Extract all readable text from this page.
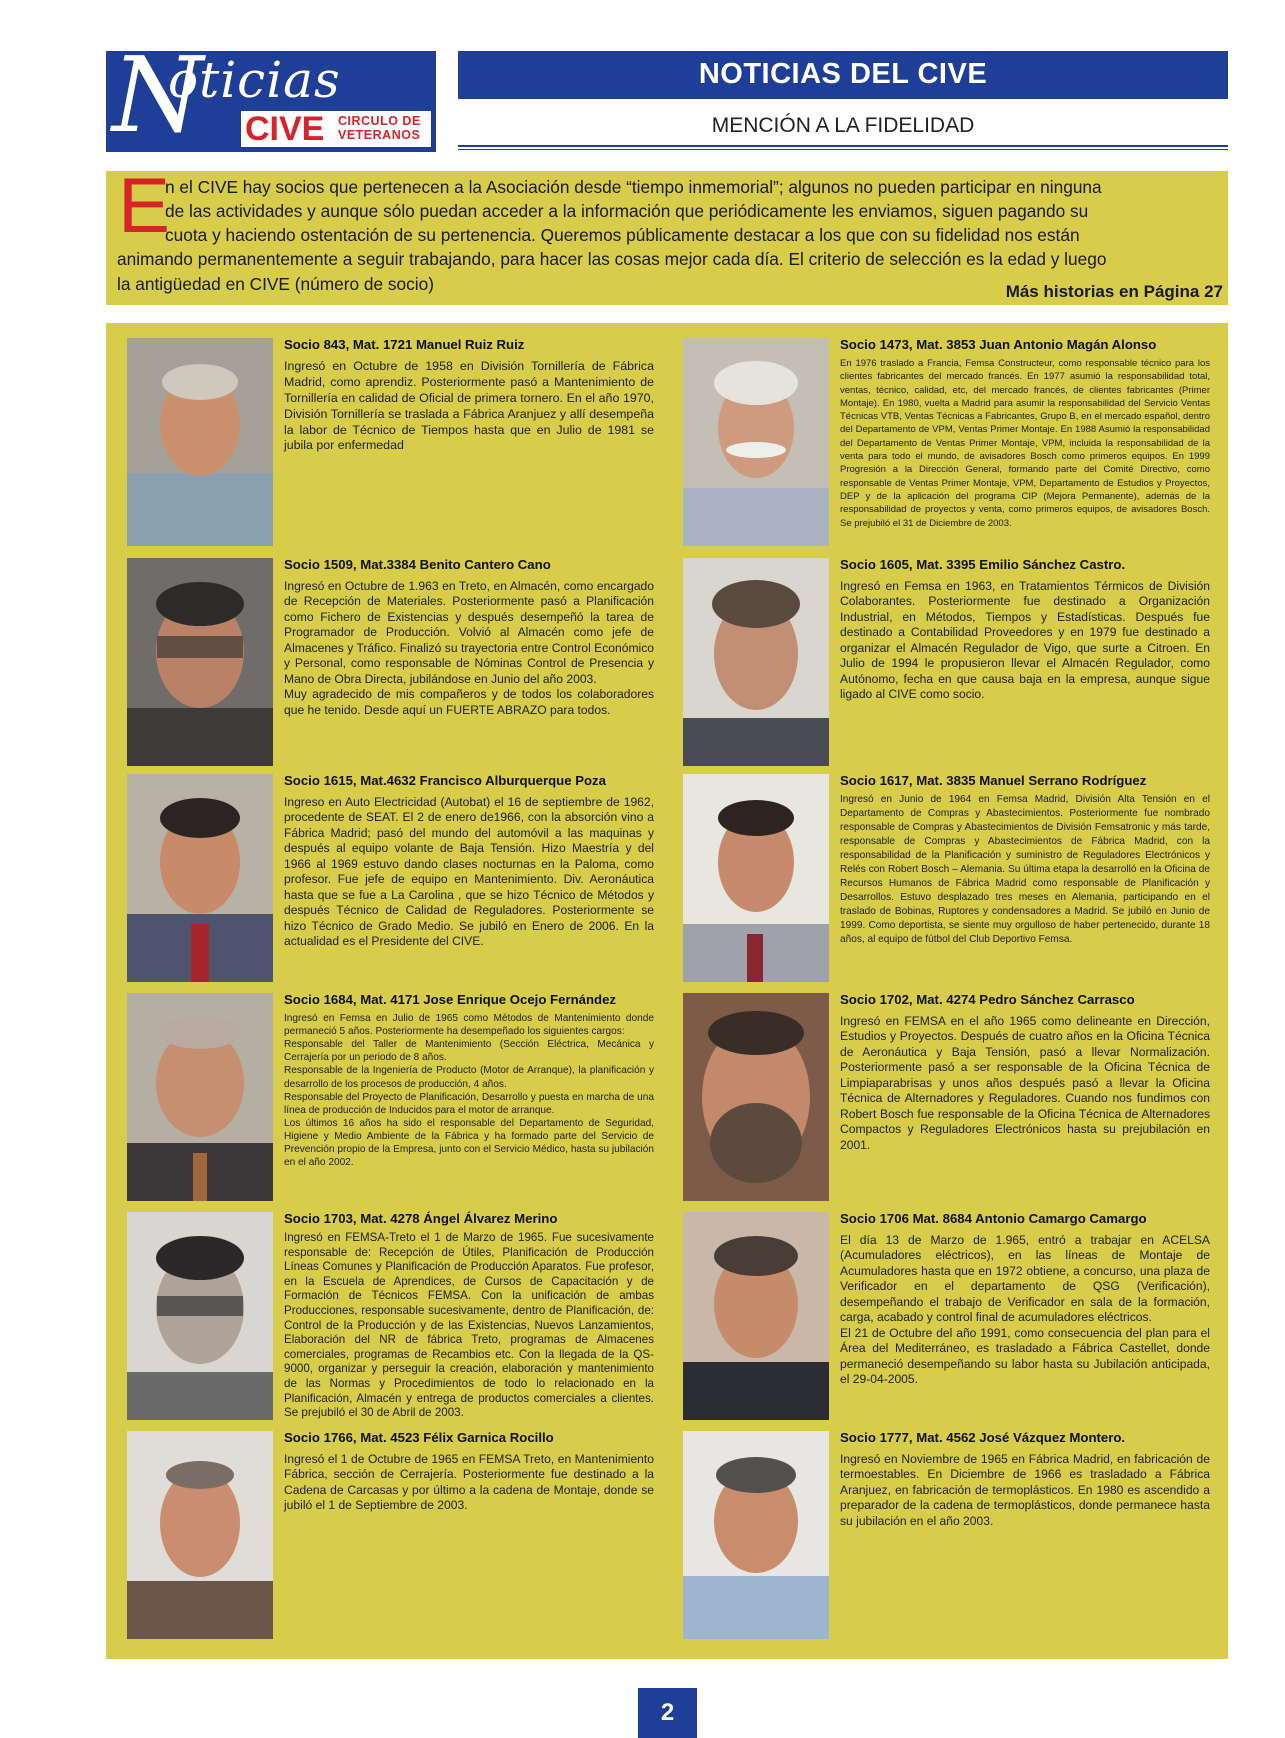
N
oticias
CIVE CIRCULO DE
VETERANOS
NOTICIAS DEL CIVE
MENCIÓN A LA FIDELIDAD
E
n el CIVE hay socios que pertenecen a la Asociación desde “tiempo inmemorial”; algunos no pueden participar en ninguna
de las actividades y aunque sólo puedan acceder a la información que periódicamente les enviamos, siguen pagando su
cuota y haciendo ostentación de su pertenencia. Queremos públicamente destacar a los que con su fidelidad nos están
animando permanentemente a seguir trabajando, para hacer las cosas mejor cada día. El criterio de selección es la edad y luego
la antigüedad en CIVE (número de socio)	Más historias en Página 27
Socio 843, Mat. 1721 Manuel Ruiz Ruiz

Ingresó en Octubre de 1958 en División Tornillería de Fábrica Madrid, como aprendiz. Posteriormente pasó a Mantenimiento de Tornillería en calidad de Oficial de primera tornero. En el año 1970, División Tornillería se traslada a Fábrica Aranjuez y allí desempeña la labor de Técnico de Tiempos hasta que en Julio de 1981 se jubila por enfermedad

Socio 1473, Mat. 3853 Juan Antonio Magán Alonso

En 1976 traslado a Francia, Femsa Constructeur, como responsable técnico para los clientes fabricantes del mercado francés. En 1977 asumió la responsabilidad total, ventas, técnico, calidad, etc, del mercado francés, de clientes fabricantes (Primer Montaje). En 1980, vuelta a Madrid para asumir la responsabilidad del Servicio Ventas Técnicas VTB, Ventas Técnicas a Fabricantes, Grupo B, en el mercado español, dentro del Departamento de VPM, Ventas Primer Montaje. En 1988 Asumió la responsabilidad del Departamento de Ventas Primer Montaje, VPM, incluida la responsabilidad de la venta para todo el mundo, de avisadores Bosch como primeros equipos. En 1999 Progresión a la Dirección General, formando parte del Comité Directivo, como responsable de Ventas Primer Montaje, VPM, Departamento de Estudios y Proyectos, DEP y de la aplicación del programa CIP (Mejora Permanente), además de la responsabilidad de proyectos y venta, como primeros equipos, de avisadores Bosch. Se prejubiló el 31 de Diciembre de 2003.

Socio 1509, Mat.3384 Benito Cantero Cano

Ingresó en Octubre de 1.963 en Treto, en Almacén, como encargado de Recepción de Materiales. Posteriormente pasó a Planificación como Fichero de Existencias y después desempeñó la tarea de Programador de Producción. Volvió al Almacén como jefe de Almacenes y Tráfico. Finalizó su trayectoria entre Control Económico y Personal, como responsable de Nóminas Control de Presencia y Mano de Obra Directa, jubilándose en Junio del año 2003.
Muy agradecido de mis compañeros y de todos los colaboradores que he tenido. Desde aquí un FUERTE ABRAZO para todos.

Socio 1605, Mat. 3395 Emilio Sánchez Castro.

Ingresó en Femsa en 1963, en Tratamientos Térmicos de División Colaborantes. Posteriormente fue destinado a Organización Industrial, en Métodos, Tiempos y Estadísticas. Después fue destinado a Contabilidad Proveedores y en 1979 fue destinado a organizar el Almacén Regulador de Vigo, que surte a Citroen. En Julio de 1994 le propusieron llevar el Almacén Regulador, como Autónomo, fecha en que causa baja en la empresa, aunque sigue ligado al CIVE como socio.

Socio 1615, Mat.4632 Francisco Alburquerque Poza

Ingreso en Auto Electricidad (Autobat) el 16 de septiembre de 1962, procedente de SEAT. El 2 de enero de1966, con la absorción vino a Fábrica Madrid; pasó del mundo del automóvil a las maquinas y después al equipo volante de Baja Tensión. Hizo Maestría y del 1966 al 1969 estuvo dando clases nocturnas en la Paloma, como profesor. Fue jefe de equipo en Mantenimiento. Div. Aeronáutica hasta que se fue a La Carolina , que se hizo Técnico de Métodos y después Técnico de Calidad de Reguladores. Posteriormente se hizo Técnico de Grado Medio. Se jubiló en Enero de 2006. En la actualidad es el Presidente del CIVE.

Socio 1617, Mat. 3835 Manuel Serrano Rodríguez

Ingresó en Junio de 1964 en Femsa Madrid, División Alta Tensión en el Departamento de Compras y Abastecimientos. Posteriormente fue nombrado responsable de Compras y Abastecimientos de División Femsatronic y más tarde, responsable de Compras y Abastecimientos de Fábrica Madrid, con la responsabilidad de la Planificación y suministro de Reguladores Electrónicos y Relés con Robert Bosch – Alemania. Su última etapa la desarrolló en la Oficina de Recursos Humanos de Fábrica Madrid como responsable de Planificación y Desarrollos. Estuvo desplazado tres meses en Alemania, participando en el traslado de Bobinas, Ruptores y condensadores a Madrid. Se jubiló en Junio de 1999. Como deportista, se siente muy orgulloso de haber pertenecido, durante 18 años, al equipo de fútbol del Club Deportivo Femsa.

Socio 1684, Mat. 4171 Jose Enrique Ocejo Fernández

Ingresó en Femsa en Julio de 1965 como Métodos de Mantenimiento donde permaneció 5 años. Posteriormente ha desempeñado los siguientes cargos:
Responsable del Taller de Mantenimiento (Sección Eléctrica, Mecánica y Cerrajería por un periodo de 8 años.
Responsable de la Ingeniería de Producto (Motor de Arranque), la planificación y desarrollo de los procesos de producción, 4 años.
Responsable del Proyecto de Planificación, Desarrollo y puesta en marcha de una línea de producción de Inducidos para el motor de arranque.
Los últimos 16 años ha sido el responsable del Departamento de Seguridad, Higiene y Medio Ambiente de la Fábrica y ha formado parte del Servicio de Prevención propio de la Empresa, junto con el Servicio Médico, hasta su jubilación en el año 2002.

Socio 1702, Mat. 4274 Pedro Sánchez Carrasco

Ingresó en FEMSA en el año 1965 como delineante en Dirección, Estudios y Proyectos. Después de cuatro años en la Oficina Técnica de Aeronáutica y Baja Tensión, pasó a llevar Normalización. Posteriormente pasó a ser responsable de la Oficina Técnica de Limpiaparabrisas y unos años después pasó a llevar la Oficina Técnica de Alternadores y Reguladores. Cuando nos fundimos con Robert Bosch fue responsable de la Oficina Técnica de Alternadores Compactos y Reguladores Electrónicos hasta su prejubilación en 2001.

Socio 1703, Mat. 4278 Ángel Álvarez Merino

Ingresó en FEMSA-Treto el 1 de Marzo de 1965. Fue sucesivamente responsable de: Recepción de Útiles, Planificación de Producción Líneas Comunes y Planificación de Producción Aparatos. Fue profesor, en la Escuela de Aprendices, de Cursos de Capacitación y de Formación de Técnicos FEMSA. Con la unificación de ambas Producciones, responsable sucesivamente, dentro de Planificación, de: Control de la Producción y de las Existencias, Nuevos Lanzamientos, Elaboración del NR de fábrica Treto, programas de Almacenes comerciales, programas de Recambios etc. Con la llegada de la QS-9000, organizar y perseguir la creación, elaboración y mantenimiento de las Normas y Procedimientos de todo lo relacionado en la Planificación, Almacén y entrega de productos comerciales a clientes. Se prejubiló el 30 de Abril de 2003.

Socio 1706 Mat. 8684 Antonio Camargo Camargo

El día 13 de Marzo de 1.965, entró a trabajar en ACELSA (Acumuladores eléctricos), en las líneas de Montaje de Acumuladores hasta que en 1972 obtiene, a concurso, una plaza de Verificador en el departamento de QSG (Verificación), desempeñando el trabajo de Verificador en sala de la formación, carga, acabado y control final de acumuladores eléctricos.
El 21 de Octubre del año 1991, como consecuencia del plan para el Área del Mediterráneo, es trasladado a Fábrica Castellet, donde permaneció desempeñando su labor hasta su Jubilación anticipada, el 29-04-2005.

Socio 1766, Mat. 4523 Félix Garnica Rocillo

Ingresó el 1 de Octubre de 1965 en FEMSA Treto, en Mantenimiento Fábrica, sección de Cerrajería. Posteriormente fue destinado a la Cadena de Carcasas y por último a la cadena de Montaje, donde se jubiló el 1 de Septiembre de 2003.

Socio 1777, Mat. 4562 José Vázquez Montero.

Ingresó en Noviembre de 1965 en Fábrica Madrid, en fabricación de termoestables. En Diciembre de 1966 es trasladado a Fábrica Aranjuez, en fabricación de termoplásticos. En 1980 es ascendido a preparador de la cadena de termoplásticos, donde permanece hasta su jubilación en el año 2003.

2
